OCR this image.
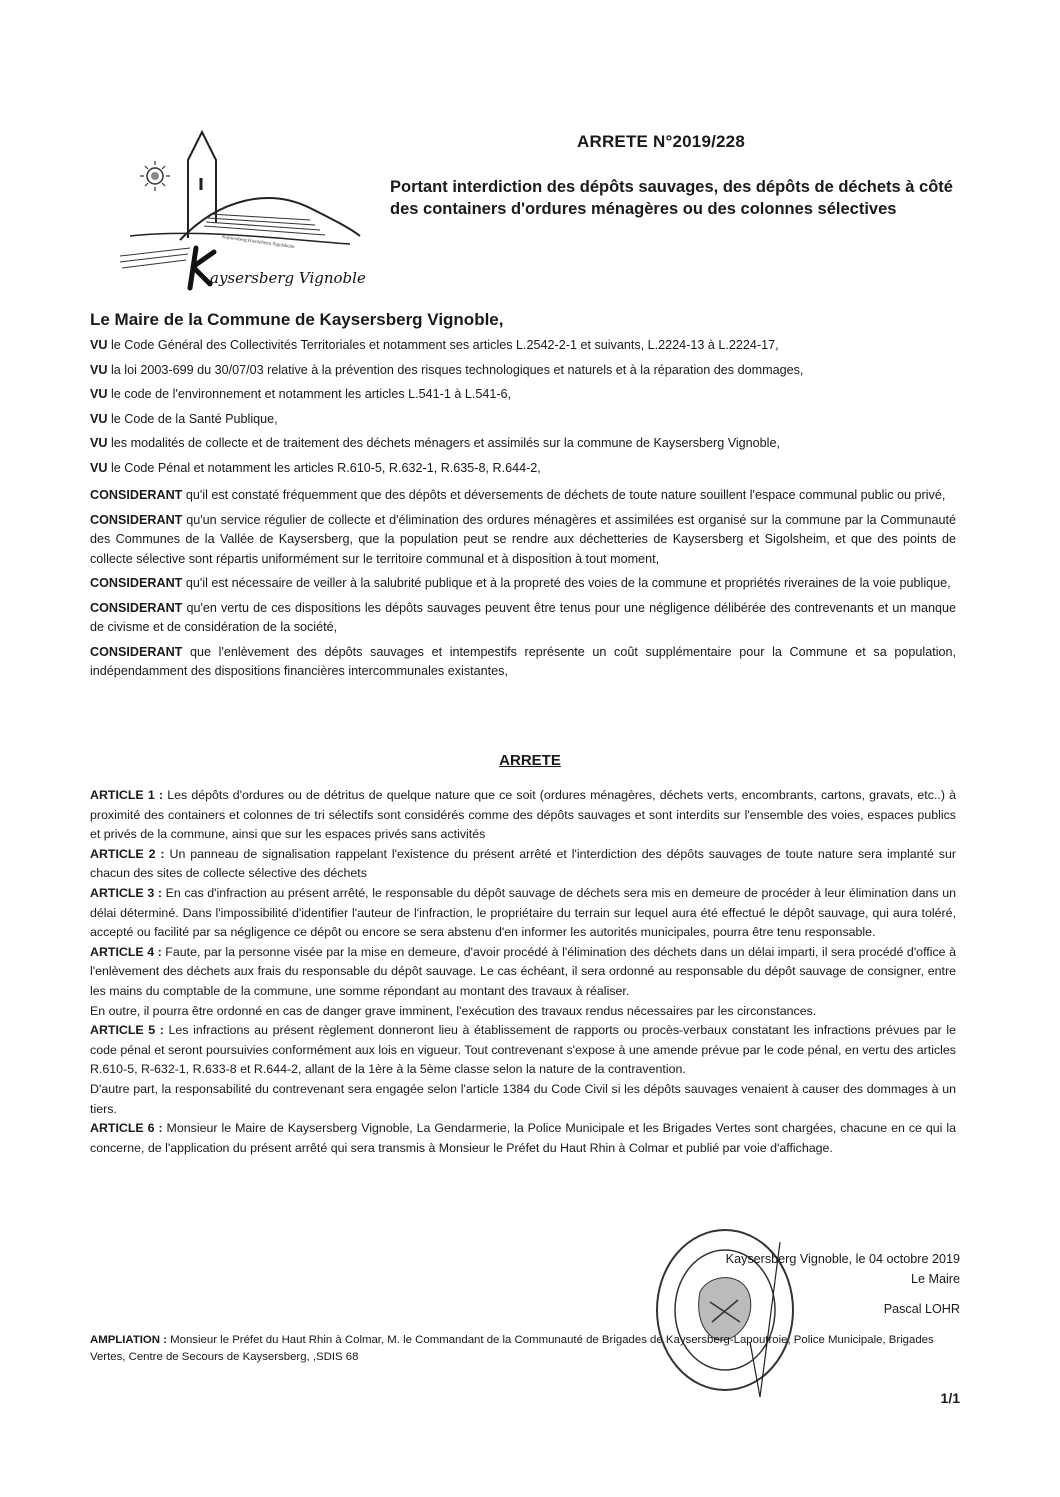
Kaysersberg Kientzheim Sigolsheim
aysersberg Vignoble
ARRETE N°2019/228
Portant interdiction des dépôts sauvages, des dépôts de déchets à côté des containers d'ordures ménagères ou des colonnes sélectives
Le Maire de la Commune de Kaysersberg Vignoble,

VU le Code Général des Collectivités Territoriales et notamment ses articles L.2542-2-1 et suivants, L.2224-13 à L.2224-17,

VU la loi 2003-699 du 30/07/03 relative à la prévention des risques technologiques et naturels et à la réparation des dommages,

VU le code de l'environnement et notamment les articles L.541-1 à L.541-6,

VU le Code de la Santé Publique,

VU les modalités de collecte et de traitement des déchets ménagers et assimilés sur la commune de Kaysersberg Vignoble,

VU le Code Pénal et notamment les articles R.610-5, R.632-1, R.635-8, R.644-2,

CONSIDERANT qu'il est constaté fréquemment que des dépôts et déversements de déchets de toute nature souillent l'espace communal public ou privé,

CONSIDERANT qu'un service régulier de collecte et d'élimination des ordures ménagères et assimilées est organisé sur la commune par la Communauté des Communes de la Vallée de Kaysersberg, que la population peut se rendre aux déchetteries de Kaysersberg et Sigolsheim, et que des points de collecte sélective sont répartis uniformément sur le territoire communal et à disposition à tout moment,

CONSIDERANT qu'il est nécessaire de veiller à la salubrité publique et à la propreté des voies de la commune et propriétés riveraines de la voie publique,

CONSIDERANT qu'en vertu de ces dispositions les dépôts sauvages peuvent être tenus pour une négligence délibérée des contrevenants et un manque de civisme et de considération de la société,

CONSIDERANT que l'enlèvement des dépôts sauvages et intempestifs représente un coût supplémentaire pour la Commune et sa population, indépendamment des dispositions financières intercommunales existantes,

ARRETE

ARTICLE 1 : Les dépôts d'ordures ou de détritus de quelque nature que ce soit (ordures ménagères, déchets verts, encombrants, cartons, gravats, etc..) à proximité des containers et colonnes de tri sélectifs sont considérés comme des dépôts sauvages et sont interdits sur l'ensemble des voies, espaces publics et privés de la commune, ainsi que sur les espaces privés sans activités

ARTICLE 2 : Un panneau de signalisation rappelant l'existence du présent arrêté et l'interdiction des dépôts sauvages de toute nature sera implanté sur chacun des sites de collecte sélective des déchets

ARTICLE 3 : En cas d'infraction au présent arrêté, le responsable du dépôt sauvage de déchets sera mis en demeure de procéder à leur élimination dans un délai déterminé. Dans l'impossibilité d'identifier l'auteur de l'infraction, le propriétaire du terrain sur lequel aura été effectué le dépôt sauvage, qui aura toléré, accepté ou facilité par sa négligence ce dépôt ou encore se sera abstenu d'en informer les autorités municipales, pourra être tenu responsable.

ARTICLE 4 : Faute, par la personne visée par la mise en demeure, d'avoir procédé à l'élimination des déchets dans un délai imparti, il sera procédé d'office à l'enlèvement des déchets aux frais du responsable du dépôt sauvage. Le cas échéant, il sera ordonné au responsable du dépôt sauvage de consigner, entre les mains du comptable de la commune, une somme répondant au montant des travaux à réaliser.

En outre, il pourra être ordonné en cas de danger grave imminent, l'exécution des travaux rendus nécessaires par les circonstances.

ARTICLE 5 : Les infractions au présent règlement donneront lieu à établissement de rapports ou procès-verbaux constatant les infractions prévues par le code pénal et seront poursuivies conformément aux lois en vigueur. Tout contrevenant s'expose à une amende prévue par le code pénal, en vertu des articles R.610-5, R-632-1, R.633-8 et R.644-2, allant de la 1ère à la 5ème classe selon la nature de la contravention.

D'autre part, la responsabilité du contrevenant sera engagée selon l'article 1384 du Code Civil si les dépôts sauvages venaient à causer des dommages à un tiers.

ARTICLE 6 : Monsieur le Maire de Kaysersberg Vignoble, La Gendarmerie, la Police Municipale et les Brigades Vertes sont chargées, chacune en ce qui la concerne, de l'application du présent arrêté qui sera transmis à Monsieur le Préfet du Haut Rhin à Colmar et publié par voie d'affichage.

Kaysersberg Vignoble, le 04 octobre 2019
Le Maire
Pascal LOHR
AMPLIATION : Monsieur le Préfet du Haut Rhin à Colmar, M. le Commandant de la Communauté de Brigades de Kaysersberg-Lapoutroie, Police Municipale, Brigades Vertes, Centre de Secours de Kaysersberg, ,SDIS 68
1/1
